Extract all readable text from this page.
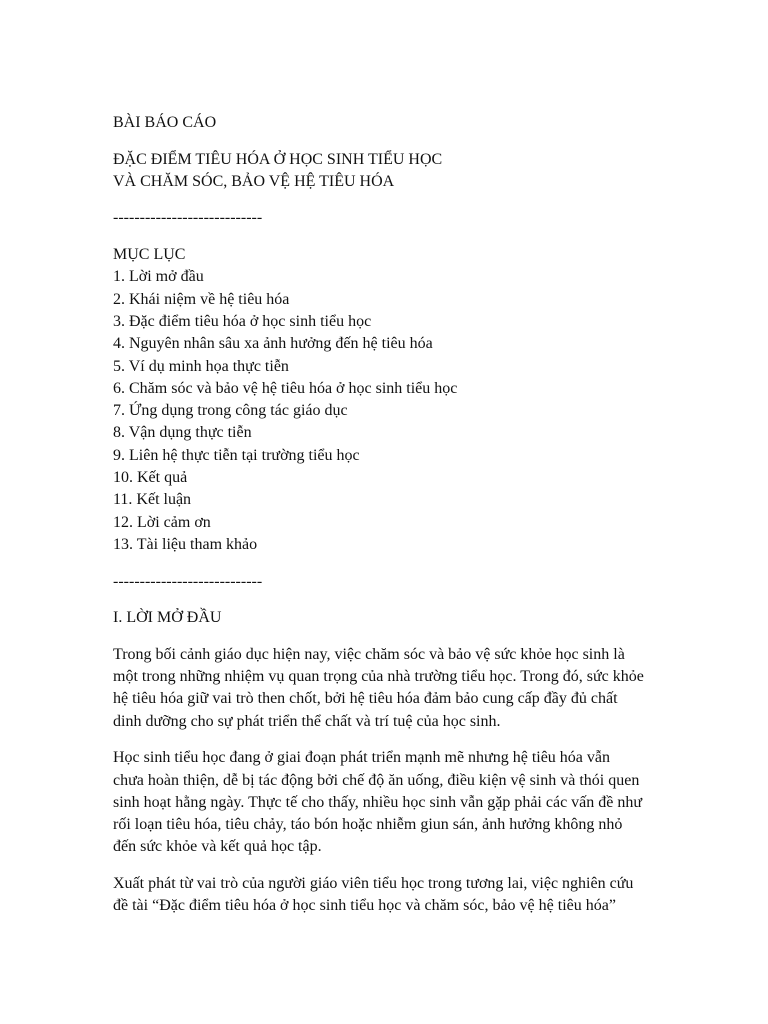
BÀI BÁO CÁO
ĐẶC ĐIỂM TIÊU HÓA Ở HỌC SINH TIỂU HỌC
VÀ CHĂM SÓC, BẢO VỆ HỆ TIÊU HÓA
----------------------------
MỤC LỤC
1. Lời mở đầu
2. Khái niệm về hệ tiêu hóa
3. Đặc điểm tiêu hóa ở học sinh tiểu học
4. Nguyên nhân sâu xa ảnh hưởng đến hệ tiêu hóa
5. Ví dụ minh họa thực tiễn
6. Chăm sóc và bảo vệ hệ tiêu hóa ở học sinh tiểu học
7. Ứng dụng trong công tác giáo dục
8. Vận dụng thực tiễn
9. Liên hệ thực tiễn tại trường tiểu học
10. Kết quả
11. Kết luận
12. Lời cảm ơn
13. Tài liệu tham khảo
----------------------------
I. LỜI MỞ ĐẦU
Trong bối cảnh giáo dục hiện nay, việc chăm sóc và bảo vệ sức khỏe học sinh là
một trong những nhiệm vụ quan trọng của nhà trường tiểu học. Trong đó, sức khỏe
hệ tiêu hóa giữ vai trò then chốt, bởi hệ tiêu hóa đảm bảo cung cấp đầy đủ chất
dinh dưỡng cho sự phát triển thể chất và trí tuệ của học sinh.
Học sinh tiểu học đang ở giai đoạn phát triển mạnh mẽ nhưng hệ tiêu hóa vẫn
chưa hoàn thiện, dễ bị tác động bởi chế độ ăn uống, điều kiện vệ sinh và thói quen
sinh hoạt hằng ngày. Thực tế cho thấy, nhiều học sinh vẫn gặp phải các vấn đề như
rối loạn tiêu hóa, tiêu chảy, táo bón hoặc nhiễm giun sán, ảnh hưởng không nhỏ
đến sức khỏe và kết quả học tập.
Xuất phát từ vai trò của người giáo viên tiểu học trong tương lai, việc nghiên cứu
đề tài “Đặc điểm tiêu hóa ở học sinh tiểu học và chăm sóc, bảo vệ hệ tiêu hóa”
